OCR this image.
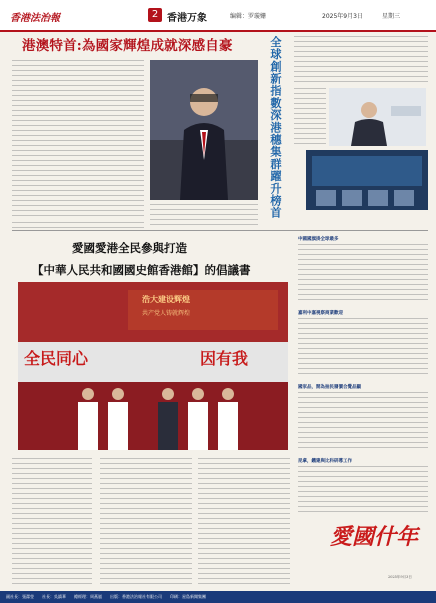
香港法治報	2 香港万象	编辑：罗璇姗	2025年9月3日	星期三
港澳特首:為國家輝煌成就深感自豪	全球創新指數深港穗集群躍升榜首
愛國愛港全民參與打造
【中華人民共和國國史館香港館】的倡議書
全民同心	因有我
浩大建设辉煌
共产党人铸就辉煌
中國國旗掛全球最多
嘉利中嘉視察商業歡迎
國家品，開為抽民層價合覺品顯
昆拿，鐵建與比科研導工作
愛國什年
2025年9月3日
副社長：張潔瑩　　社長：吳鎮華　　總經理：周燕嵐　　出版：香港法治報社有限公司　　印刷：星島新聞集團
